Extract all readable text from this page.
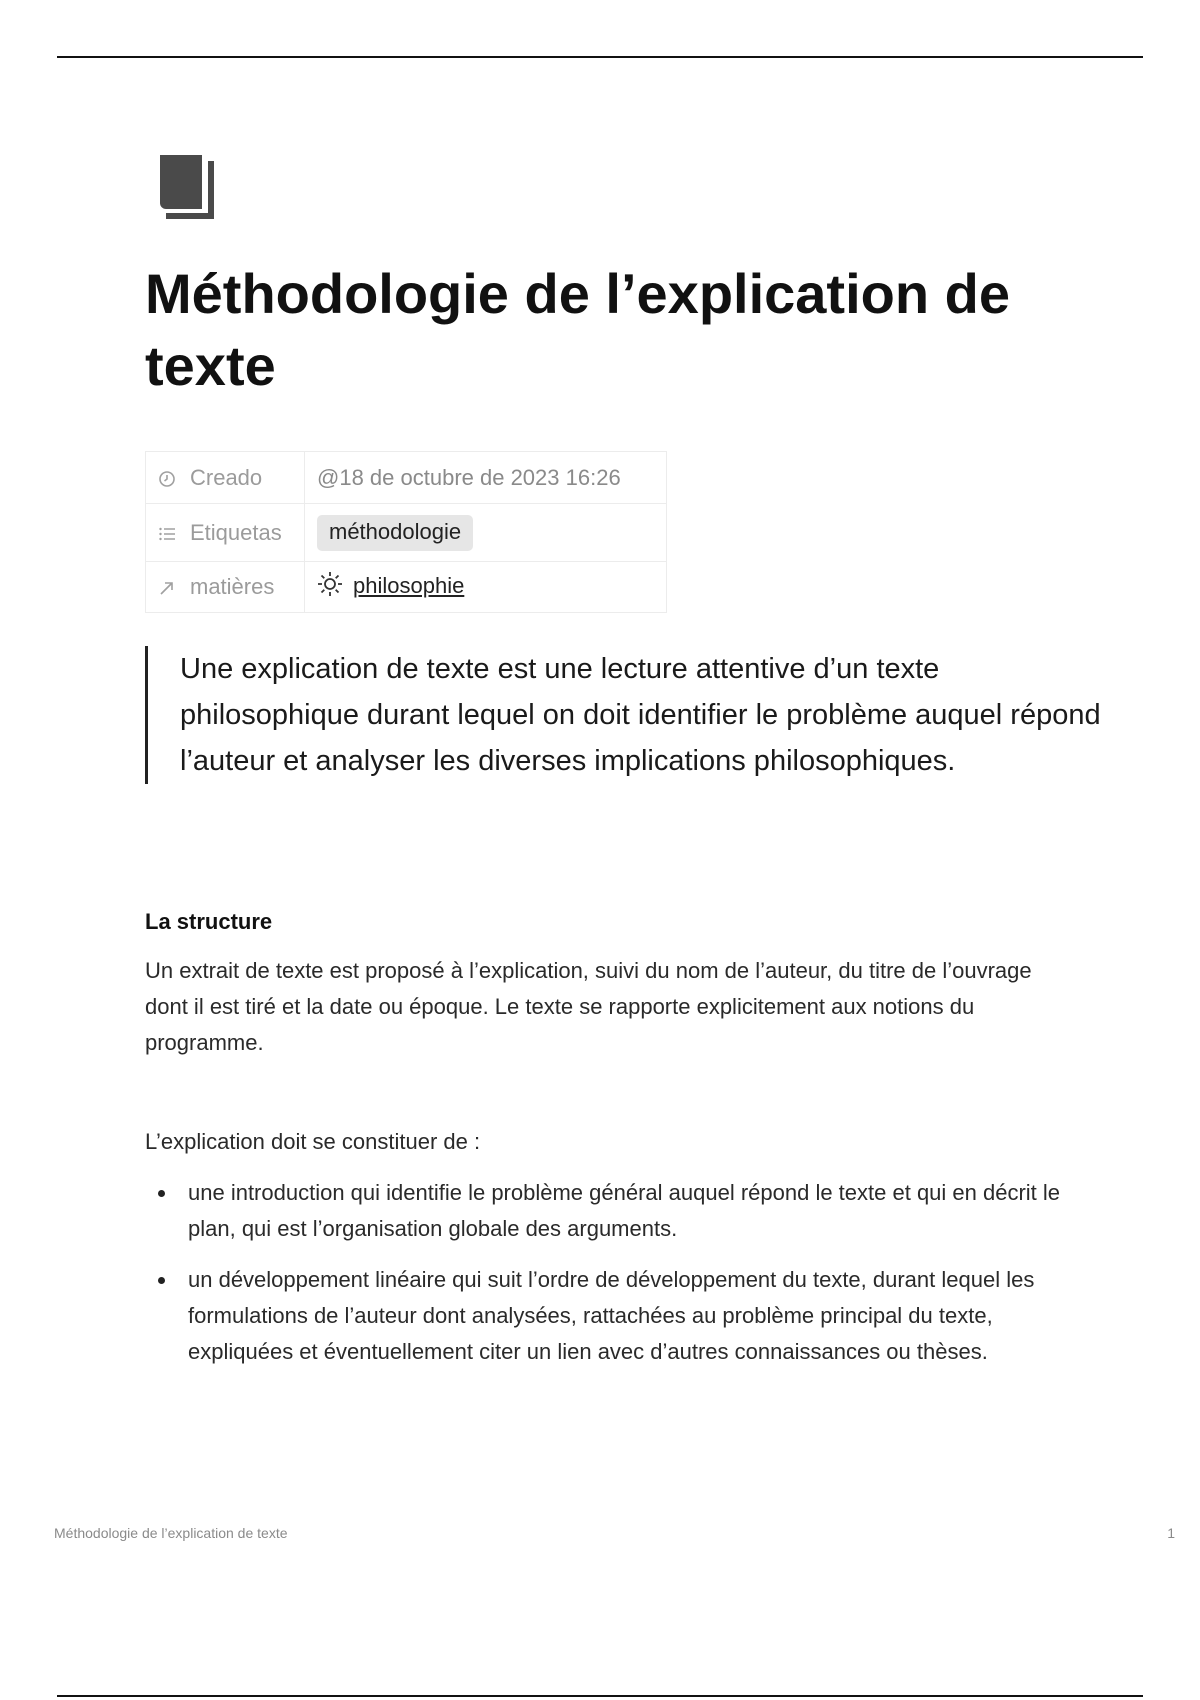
Méthodologie de l’explication de texte
Creado	@18 de octubre de 2023 16:26

Etiquetas	méthodologie

matières	philosophie
Une explication de texte est une lecture attentive d’un texte philosophique durant lequel on doit identifier le problème auquel répond l’auteur et analyser les diverses implications philosophiques.
La structure

Un extrait de texte est proposé à l’explication, suivi du nom de l’auteur, du titre de l’ouvrage dont il est tiré et la date ou époque. Le texte se rapporte explicitement aux notions du programme.

L’explication doit se constituer de :

une introduction qui identifie le problème général auquel répond le texte et qui en décrit le plan, qui est l’organisation globale des arguments.
un développement linéaire qui suit l’ordre de développement du texte, durant lequel les formulations de l’auteur dont analysées, rattachées au problème principal du texte, expliquées et éventuellement citer un lien avec d’autres connaissances ou thèses.
Méthodologie de l’explication de texte	1
